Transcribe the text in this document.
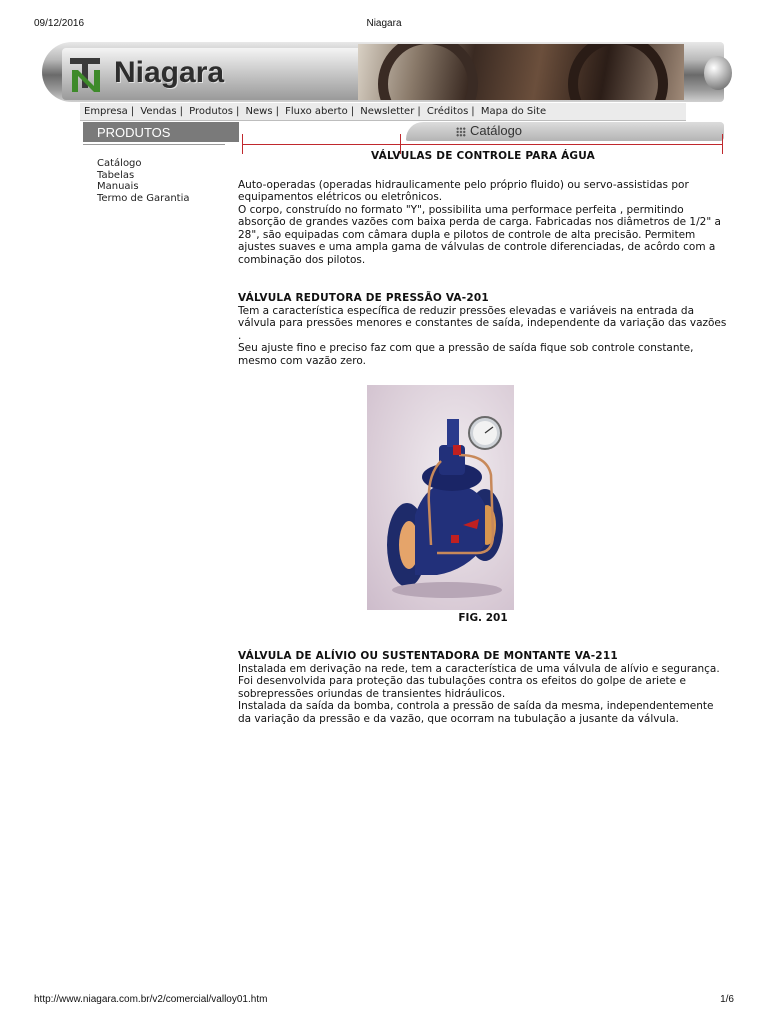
09/12/2016	Niagara
Niagara
Empresa | Vendas | Produtos | News | Fluxo aberto | Newsletter | Créditos | Mapa do Site
PRODUTOS
Catálogo
Tabelas
Manuais
Termo de Garantia
Catálogo
VÁLVULAS DE CONTROLE PARA ÁGUA

Auto-operadas (operadas hidraulicamente pelo próprio fluido) ou servo-assistidas por equipamentos elétricos ou eletrônicos.

O corpo, construído no formato "Y", possibilita uma performace perfeita , permitindo absorção de grandes vazões com baixa perda de carga. Fabricadas nos diâmetros de 1/2" a 28", são equipadas com câmara dupla e pilotos de controle de alta precisão. Permitem ajustes suaves e uma ampla gama de válvulas de controle diferenciadas, de acôrdo com a combinação dos pilotos.

VÁLVULA REDUTORA DE PRESSÃO VA-201

Tem a característica específica de reduzir pressões elevadas e variáveis na entrada da válvula para pressões menores e constantes de saída, independente da variação das vazões .

Seu ajuste fino e preciso faz com que a pressão de saída fique sob controle constante, mesmo com vazão zero.

FIG. 201
VÁLVULA DE ALÍVIO OU SUSTENTADORA DE MONTANTE VA-211

Instalada em derivação na rede, tem a característica de uma válvula de alívio e segurança.

Foi desenvolvida para proteção das tubulações contra os efeitos do golpe de ariete e sobrepressões oriundas de transientes hidráulicos.

Instalada da saída da bomba, controla a pressão de saída da mesma, independentemente da variação da pressão e da vazão, que ocorram na tubulação a jusante da válvula.

http://www.niagara.com.br/v2/comercial/valloy01.htm	1/6
